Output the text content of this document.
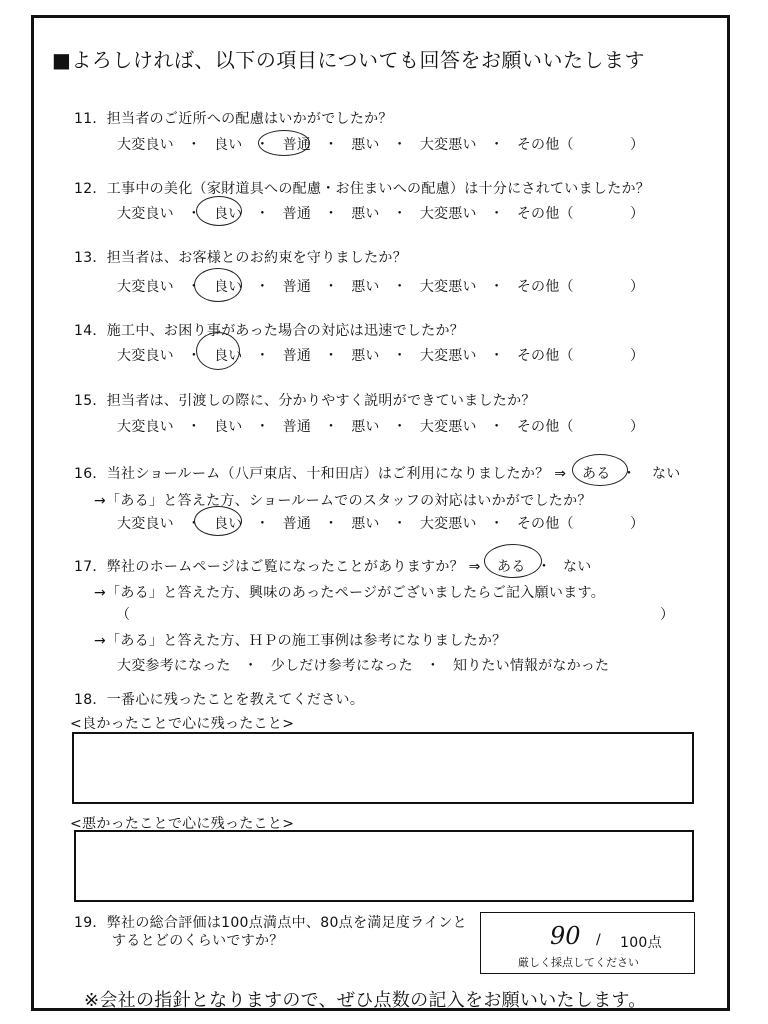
■よろしければ、以下の項目についても回答をお願いいたします
11．担当者のご近所への配慮はいかがでしたか？
大変良い ・ 良い ・ 普通 ・ 悪い ・ 大変悪い ・ その他（	）
12．工事中の美化（家財道具への配慮・お住まいへの配慮）は十分にされていましたか？
大変良い ・ 良い ・ 普通 ・ 悪い ・ 大変悪い ・ その他（	）
13．担当者は、お客様とのお約束を守りましたか？
大変良い ・ 良い ・ 普通 ・ 悪い ・ 大変悪い ・ その他（	）
14．施工中、お困り事があった場合の対応は迅速でしたか？
大変良い ・ 良い ・ 普通 ・ 悪い ・ 大変悪い ・ その他（	）
15．担当者は、引渡しの際に、分かりやすく説明ができていましたか？
大変良い ・ 良い ・ 普通 ・ 悪い ・ 大変悪い ・ その他（	）
16．当社ショールーム（八戸東店、十和田店）はご利用になりましたか？ ⇒ ある ・ ない
→「ある」と答えた方、ショールームでのスタッフの対応はいかがでしたか？
大変良い ・ 良い ・ 普通 ・ 悪い ・ 大変悪い ・ その他（	）
17．弊社のホームページはご覧になったことがありますか？ ⇒ ある ・ ない
→「ある」と答えた方、興味のあったページがございましたらご記入願います。
（	）
→「ある」と答えた方、ＨＰの施工事例は参考になりましたか？
大変参考になった ・ 少しだけ参考になった ・ 知りたい情報がなかった
18．一番心に残ったことを教えてください。
<良かったことで心に残ったこと>
<悪かったことで心に残ったこと>
19．弊社の総合評価は100点満点中、80点を満足度ラインと
するとどのくらいですか？	90 / 100点
厳しく採点してください
※会社の指針となりますので、ぜひ点数の記入をお願いいたします。
